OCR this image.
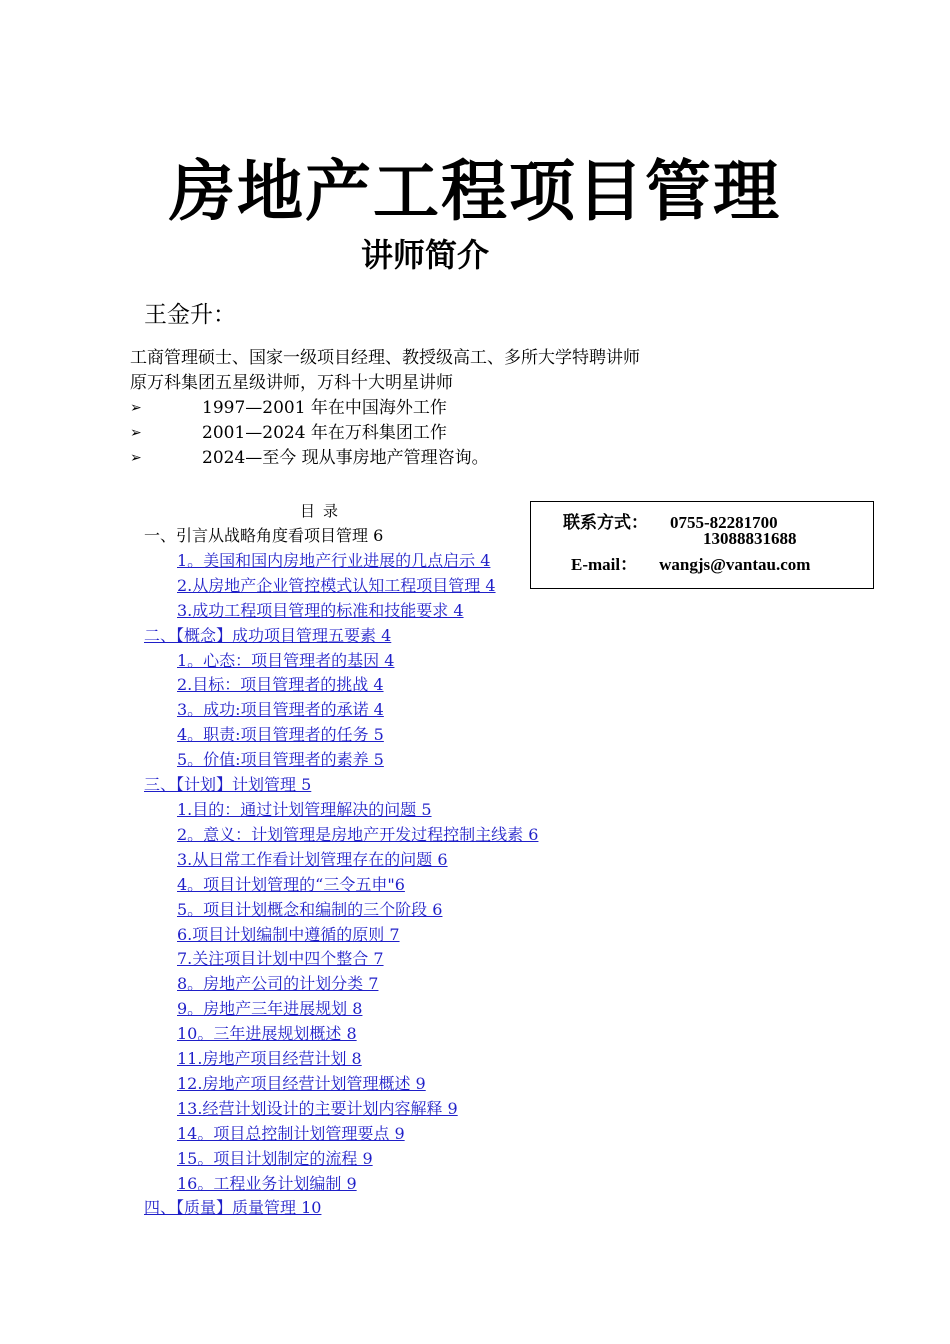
房地产工程项目管理
讲师简介
王金升：
工商管理硕士、国家一级项目经理、教授级高工、多所大学特聘讲师
原万科集团五星级讲师，万科十大明星讲师
➢	1997—2001 年在中国海外工作
➢	2001—2024 年在万科集团工作
➢	2024—至今 现从事房地产管理咨询。
联系方式： 0755-82281700
13088831688
E-mail： wangjs@vantau.com
目录
一、引言从战略角度看项目管理 6
1。美国和国内房地产行业进展的几点启示 4
2.从房地产企业管控模式认知工程项目管理 4
3.成功工程项目管理的标准和技能要求 4
二、【概念】成功项目管理五要素 4
1。心态：项目管理者的基因 4
2.目标：项目管理者的挑战 4
3。成功:项目管理者的承诺 4
4。职责:项目管理者的任务 5
5。价值:项目管理者的素养 5
三、【计划】计划管理 5
1.目的：通过计划管理解决的问题 5
2。意义：计划管理是房地产开发过程控制主线素 6
3.从日常工作看计划管理存在的问题 6
4。项目计划管理的“三令五申"6
5。项目计划概念和编制的三个阶段 6
6.项目计划编制中遵循的原则 7
7.关注项目计划中四个整合 7
8。房地产公司的计划分类 7
9。房地产三年进展规划 8
10。三年进展规划概述 8
11.房地产项目经营计划 8
12.房地产项目经营计划管理概述 9
13.经营计划设计的主要计划内容解释 9
14。项目总控制计划管理要点 9
15。项目计划制定的流程 9
16。工程业务计划编制 9
四、【质量】质量管理 10
